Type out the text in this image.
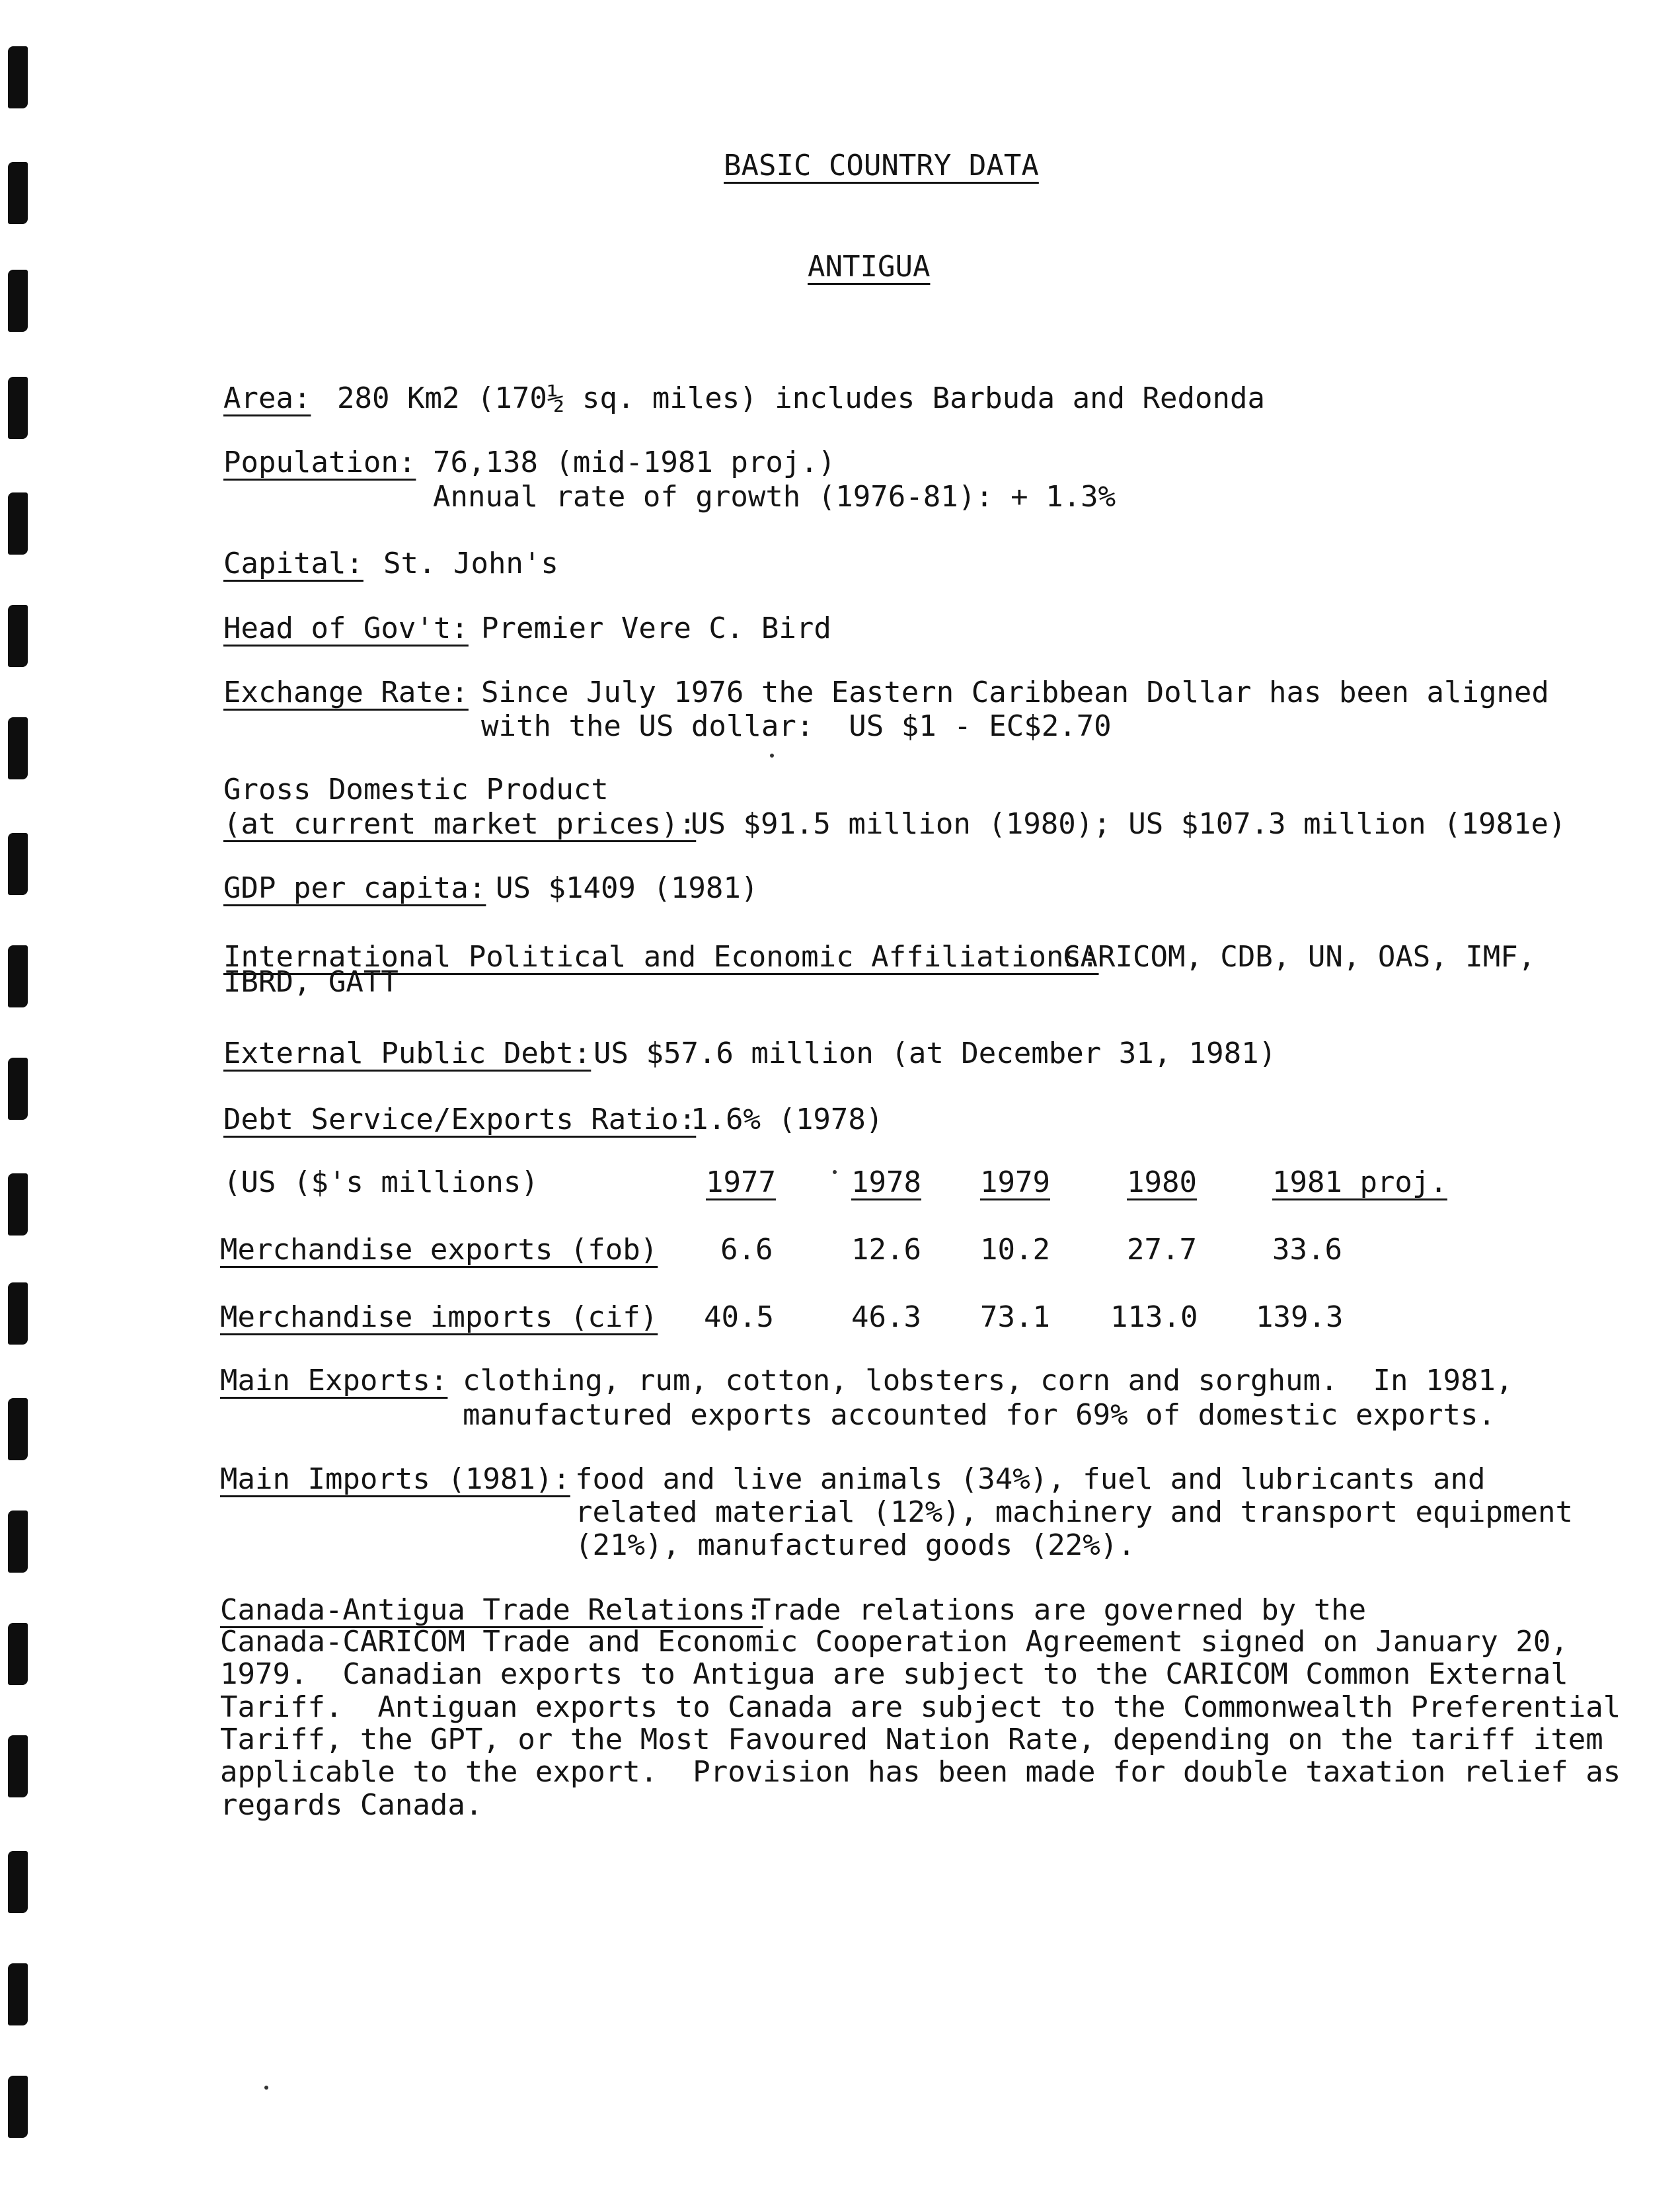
BASIC COUNTRY DATA
ANTIGUA
Area: 280 Km2 (170½ sq. miles) includes Barbuda and Redonda
Population: 76,138 (mid-1981 proj.)
Annual rate of growth (1976-81): + 1.3%
Capital: St. John's
Head of Gov't: Premier Vere C. Bird
Exchange Rate: Since July 1976 the Eastern Caribbean Dollar has been aligned
with the US dollar:  US $1 - EC$2.70
Gross Domestic Product
(at current market prices):
US $91.5 million (1980); US $107.3 million (1981e)
GDP per capita: US $1409 (1981)
International Political and Economic Affiliations:
CARICOM, CDB, UN, OAS, IMF,
IBRD, GATT
External Public Debt: US $57.6 million (at December 31, 1981)
Debt Service/Exports Ratio:
1.6% (1978)
(US ($'s millions)	1977	1978 1979	1980	1981 proj.
Merchandise exports (fob) 6.6	12.6 10.2	27.7	33.6
Merchandise imports (cif) 40.5	46.3 73.1 113.0 139.3
Main Exports: clothing, rum, cotton, lobsters, corn and sorghum.  In 1981,
manufactured exports accounted for 69% of domestic exports.
Main Imports (1981): food and live animals (34%), fuel and lubricants and
related material (12%), machinery and transport equipment
(21%), manufactured goods (22%).
Canada-Antigua Trade Relations:
Trade relations are governed by the
Canada-CARICOM Trade and Economic Cooperation Agreement signed on January 20,
1979.  Canadian exports to Antigua are subject to the CARICOM Common External
Tariff.  Antiguan exports to Canada are subject to the Commonwealth Preferential
Tariff, the GPT, or the Most Favoured Nation Rate, depending on the tariff item
applicable to the export.  Provision has been made for double taxation relief as
regards Canada.
